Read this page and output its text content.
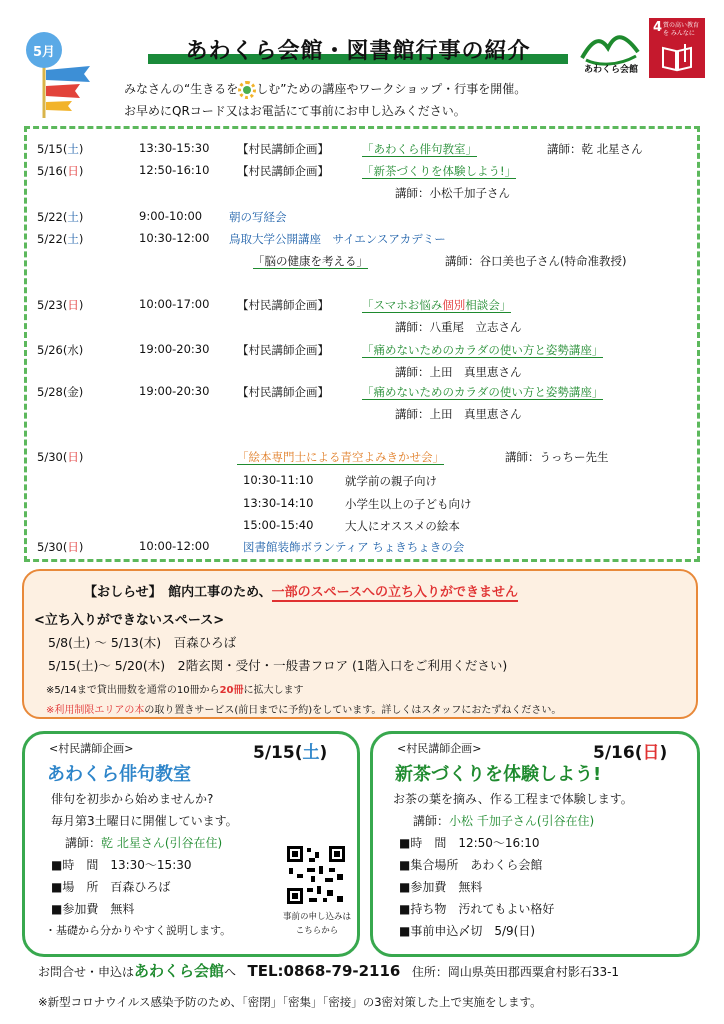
5月	あわくら会館・図書館行事の紹介
あわくら会館
4 質の高い教育を みんなに
みなさんの“生きるを しむ”ための講座やワークショップ・行事を開催。
お早めにQRコード又はお電話にて事前にお申し込みください。
5/15(土)	13:30-15:30 【村民講師企画】	「あわくら俳句教室」	講師：乾 北星さん
5/16(日)	12:50-16:10 【村民講師企画】	「新茶づくりを体験しよう!」
講師：小松千加子さん
5/22(土)	9:00-10:00 朝の写経会
5/22(土)	10:30-12:00 鳥取大学公開講座　サイエンスアカデミー
「脳の健康を考える」	講師：谷口美也子さん(特命准教授)
5/23(日)	10:00-17:00 【村民講師企画】	「スマホお悩み個別相談会」
講師：八重尾　立志さん
5/26(水)	19:00-20:30 【村民講師企画】	「痛めないためのカラダの使い方と姿勢講座」
講師：上田　真里恵さん
5/28(金)	19:00-20:30 【村民講師企画】	「痛めないためのカラダの使い方と姿勢講座」
講師：上田　真里恵さん
5/30(日)	「絵本専門士による青空よみきかせ会」	講師：うっちー先生
10:30-11:10	就学前の親子向け
13:30-14:10	小学生以上の子ども向け
15:00-15:40	大人にオススメの絵本
5/30(日)	10:00-12:00	図書館装飾ボランティア ちょきちょきの会
【おしらせ】　館内工事のため、一部のスペースへの立ち入りができません
<立ち入りができないスペース>
5/8(土) 〜 5/13(木)　百森ひろば
5/15(土)〜 5/20(木)　2階玄関・受付・一般書フロア (1階入口をご利用ください)
※5/14まで貸出冊数を通常の10冊から20冊に拡大します
※利用制限エリアの本の取り置きサービス(前日までに予約)をしています。詳しくはスタッフにおたずねください。
<村民講師企画>	5/15(土)
あわくら俳句教室
俳句を初歩から始めませんか?
毎月第3土曜日に開催しています。
講師：乾 北星さん(引谷在住)
■時　間　13:30〜15:30
■場　所　百森ひろば
■参加費　無料
・基礎から分かりやすく説明します。
事前の申し込みは
こちらから
<村民講師企画>	5/16(日)
新茶づくりを体験しよう!
お茶の葉を摘み、作る工程まで体験します。
講師：小松 千加子さん(引谷在住)
■時　間　12:50〜16:10
■集合場所　あわくら会館
■参加費　無料
■持ち物　汚れてもよい格好
■事前申込〆切　5/9(日)
お問合せ・申込はあわくら会館へ TEL:0868-79-2116 住所：岡山県英田郡西粟倉村影石33-1
※新型コロナウイルス感染予防のため、「密閉」「密集」「密接」の3密対策した上で実施をします。
